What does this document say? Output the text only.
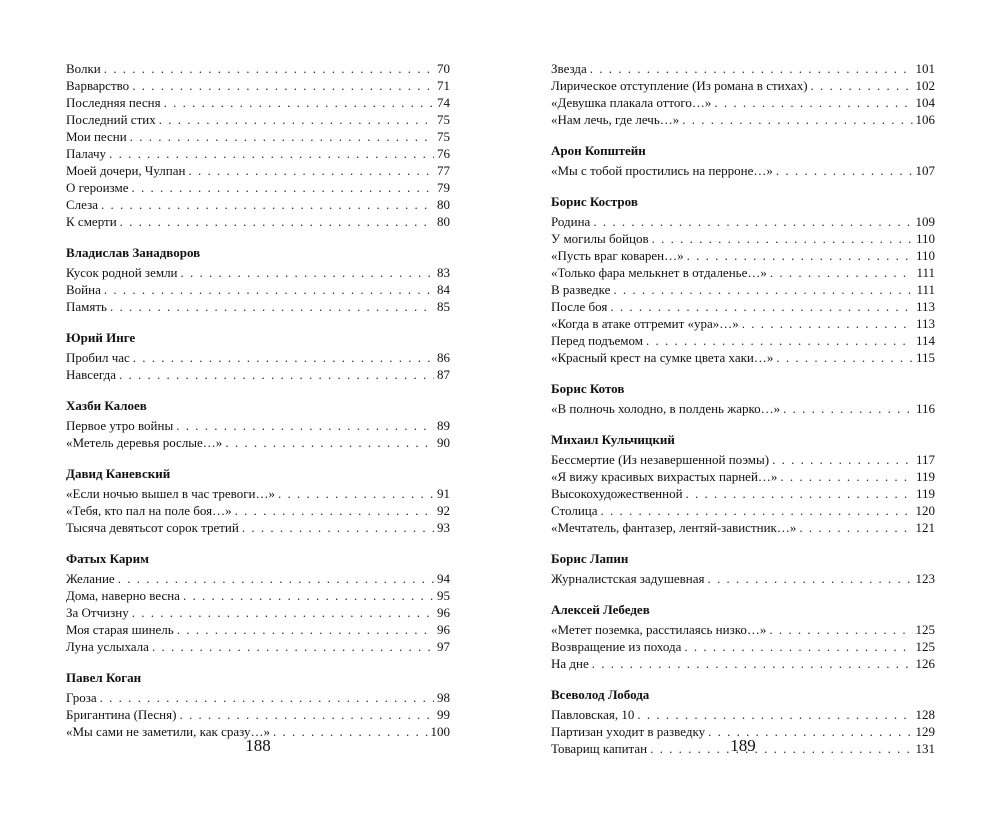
Волки . . .	70
Варварство . . .	71
Последняя песня . . .	74
Последний стих . . .	75
Мои песни . . .	75
Палачу . . .	76
Моей дочери, Чулпан . . .	77
О героизме . . .	79
Слеза . . .	80
К смерти . . .	80
Владислав Занадворов
Кусок родной земли . . .	83
Война . . .	84
Память . . .	85
Юрий Инге
Пробил час . . .	86
Навсегда . . .	87
Хазби Калоев
Первое утро войны . . .	89
«Метель деревья рослые…» . . .	90
Давид Каневский
«Если ночью вышел в час тревоги…» . . .	91
«Тебя, кто пал на поле боя…» . . .	92
Тысяча девятьсот сорок третий . . .	93
Фатых Карим
Желание . . .	94
Дома, наверно весна . . .	95
За Отчизну . . .	96
Моя старая шинель . . .	96
Луна услыхала . . .	97
Павел Коган
Гроза . . .	98
Бригантина (Песня) . . .	99
«Мы сами не заметили, как сразу…» . . .	100
188
Звезда . . .	101
Лирическое отступление (Из романа в стихах) . . .	102
«Девушка плакала оттого…» . . .	104
«Нам лечь, где лечь…» . . .	106
Арон Копштейн
«Мы с тобой простились на перроне…» . . .	107
Борис Костров
Родина . . .	109
У могилы бойцов . . .	110
«Пусть враг коварен…» . . .	110
«Только фара мелькнет в отдаленье…» . . .	111
В разведке . . .	111
После боя . . .	113
«Когда в атаке отгремит «ура»…» . . .	113
Перед подъемом . . .	114
«Красный крест на сумке цвета хаки…» . . .	115
Борис Котов
«В полночь холодно, в полдень жарко…» . . .	116
Михаил Кульчицкий
Бессмертие (Из незавершенной поэмы) . . .	117
«Я вижу красивых вихрастых парней…» . . .	119
Высокохудожественной . . .	119
Столица . . .	120
«Мечтатель, фантазер, лентяй-завистник…» . . .	121
Борис Лапин
Журналистская задушевная . . .	123
Алексей Лебедев
«Метет поземка, расстилаясь низко…» . . .	125
Возвращение из похода . . .	125
На дне . . .	126
Всеволод Лобода
Павловская, 10 . . .	128
Партизан уходит в разведку . . .	129
Товарищ капитан . . .	131
189
